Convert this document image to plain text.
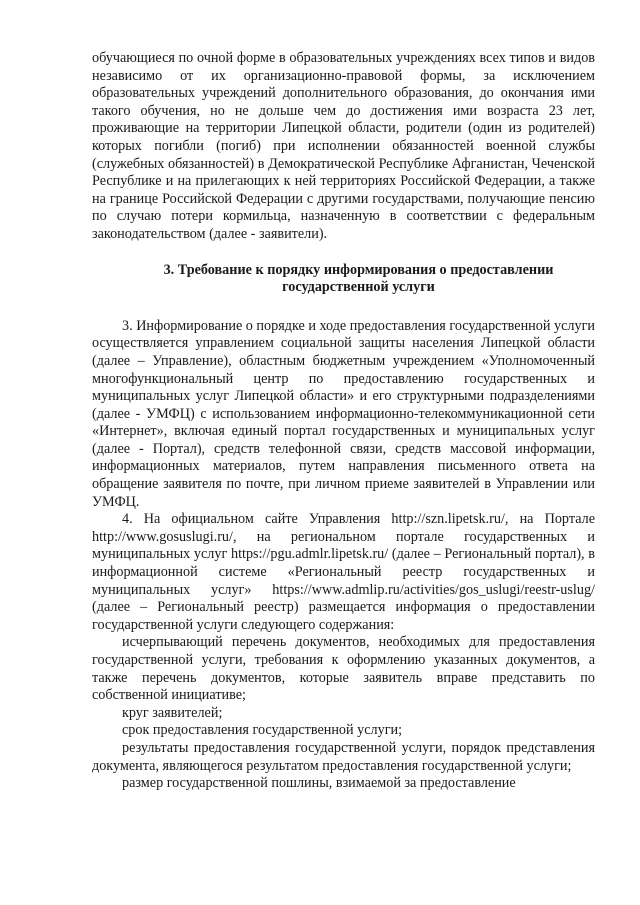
обучающиеся по очной форме в образовательных учреждениях всех типов и видов независимо от их организационно-правовой формы, за исключением образовательных учреждений дополнительного образования, до окончания ими такого обучения, но не дольше чем до достижения ими возраста 23 лет, проживающие на территории Липецкой области, родители (один из родителей) которых погибли (погиб) при исполнении обязанностей военной службы (служебных обязанностей) в Демократической Республике Афганистан, Чеченской Республике и на прилегающих к ней территориях Российской Федерации, а также на границе Российской Федерации с другими государствами, получающие пенсию по случаю потери кормильца, назначенную в соответствии с федеральным законодательством (далее - заявители).

3. Требование к порядку информирования о предоставлении государственной услуги

3. Информирование о порядке и ходе предоставления государственной услуги осуществляется управлением социальной защиты населения Липецкой области (далее – Управление), областным бюджетным учреждением «Уполномоченный многофункциональный центр по предоставлению государственных и муниципальных услуг Липецкой области» и его структурными подразделениями (далее - УМФЦ) с использованием информационно-телекоммуникационной сети «Интернет», включая единый портал государственных и муниципальных услуг (далее - Портал), средств телефонной связи, средств массовой информации, информационных материалов, путем направления письменного ответа на обращение заявителя по почте, при личном приеме заявителей в Управлении или УМФЦ.

4. На официальном сайте Управления http://szn.lipetsk.ru/, на Портале http://www.gosuslugi.ru/, на региональном портале государственных и муниципальных услуг https://pgu.admlr.lipetsk.ru/ (далее – Региональный портал), в информационной системе «Региональный реестр государственных и муниципальных услуг» https://www.admlip.ru/activities/gos_uslugi/reestr-uslug/ (далее – Региональный реестр) размещается информация о предоставлении государственной услуги следующего содержания:

исчерпывающий перечень документов, необходимых для предоставления государственной услуги, требования к оформлению указанных документов, а также перечень документов, которые заявитель вправе представить по собственной инициативе;

круг заявителей;

срок предоставления государственной услуги;

результаты предоставления государственной услуги, порядок представления документа, являющегося результатом предоставления государственной услуги;

размер государственной пошлины, взимаемой за предоставление
